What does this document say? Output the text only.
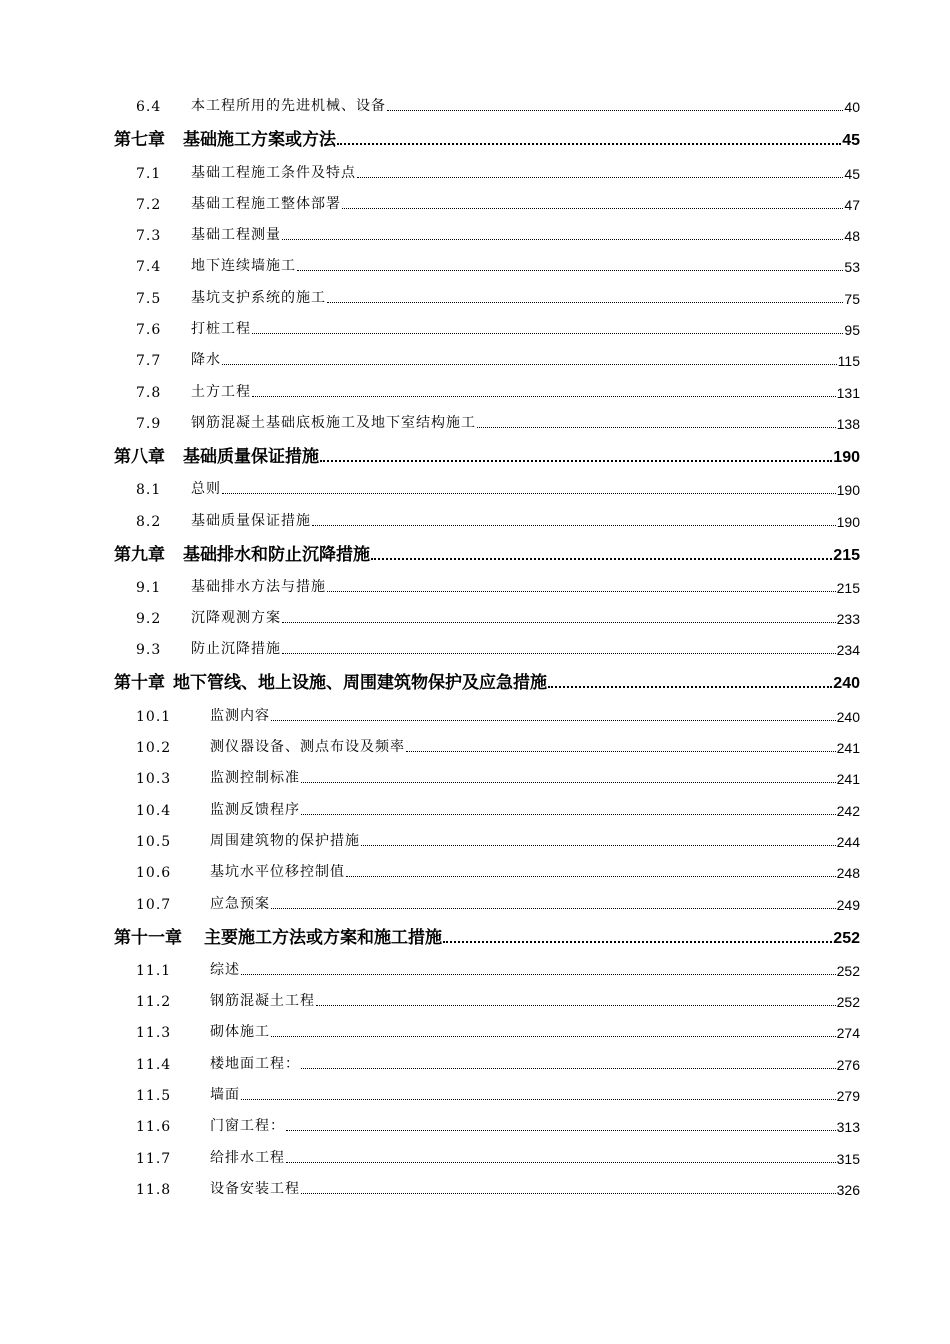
6.4	本工程所用的先进机械、设备	40
第七章 基础施工方案或方法	45
7.1	基础工程施工条件及特点	45
7.2	基础工程施工整体部署	47
7.3	基础工程测量	48
7.4	地下连续墙施工	53
7.5	基坑支护系统的施工	75
7.6	打桩工程	95
7.7	降水	115
7.8	土方工程	131
7.9	钢筋混凝土基础底板施工及地下室结构施工	138
第八章 基础质量保证措施	190
8.1	总则	190
8.2	基础质量保证措施	190
第九章 基础排水和防止沉降措施	215
9.1	基础排水方法与措施	215
9.2	沉降观测方案	233
9.3	防止沉降措施	234
第十章 地下管线、地上设施、周围建筑物保护及应急措施	240
10.1	监测内容	240
10.2	测仪器设备、测点布设及频率	241
10.3	监测控制标准	241
10.4	监测反馈程序	242
10.5	周围建筑物的保护措施	244
10.6	基坑水平位移控制值	248
10.7	应急预案	249
第十一章 主要施工方法或方案和施工措施	252
11.1	综述	252
11.2	钢筋混凝土工程	252
11.3	砌体施工	274
11.4	楼地面工程：	276
11.5	墙面	279
11.6	门窗工程：	313
11.7	给排水工程	315
11.8	设备安装工程	326
